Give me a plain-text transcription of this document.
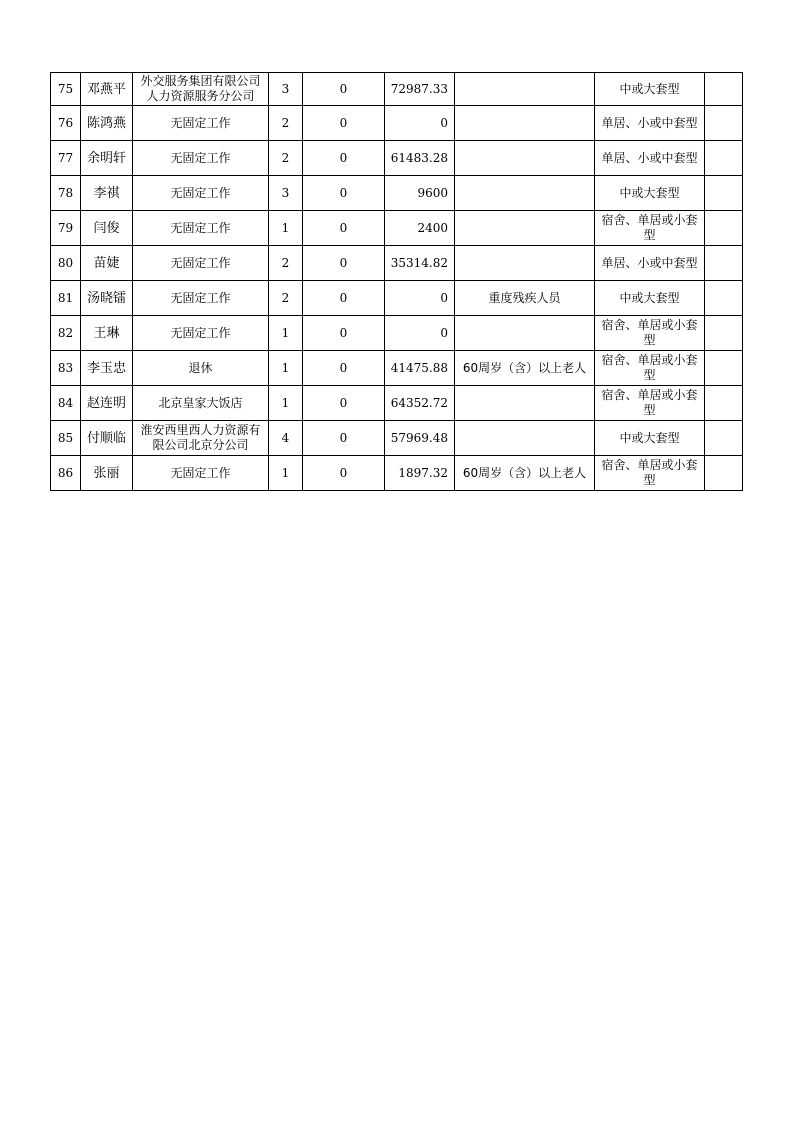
75	邓燕平	外交服务集团有限公司人力资源服务分公司	3	0	72987.33		中或大套型	
76	陈鸿燕	无固定工作	2	0	0		单居、小或中套型	
77	余明轩	无固定工作	2	0	61483.28		单居、小或中套型	
78	李祺	无固定工作	3	0	9600		中或大套型	
79	闫俊	无固定工作	1	0	2400		宿舍、单居或小套型	
80	苗婕	无固定工作	2	0	35314.82		单居、小或中套型	
81	汤晓镭	无固定工作	2	0	0	重度残疾人员	中或大套型	
82	王琳	无固定工作	1	0	0		宿舍、单居或小套型	
83	李玉忠	退休	1	0	41475.88	60周岁（含）以上老人	宿舍、单居或小套型	
84	赵连明	北京皇家大饭店	1	0	64352.72		宿舍、单居或小套型	
85	付顺临	淮安西里西人力资源有限公司北京分公司	4	0	57969.48		中或大套型	
86	张丽	无固定工作	1	0	1897.32	60周岁（含）以上老人	宿舍、单居或小套型	
